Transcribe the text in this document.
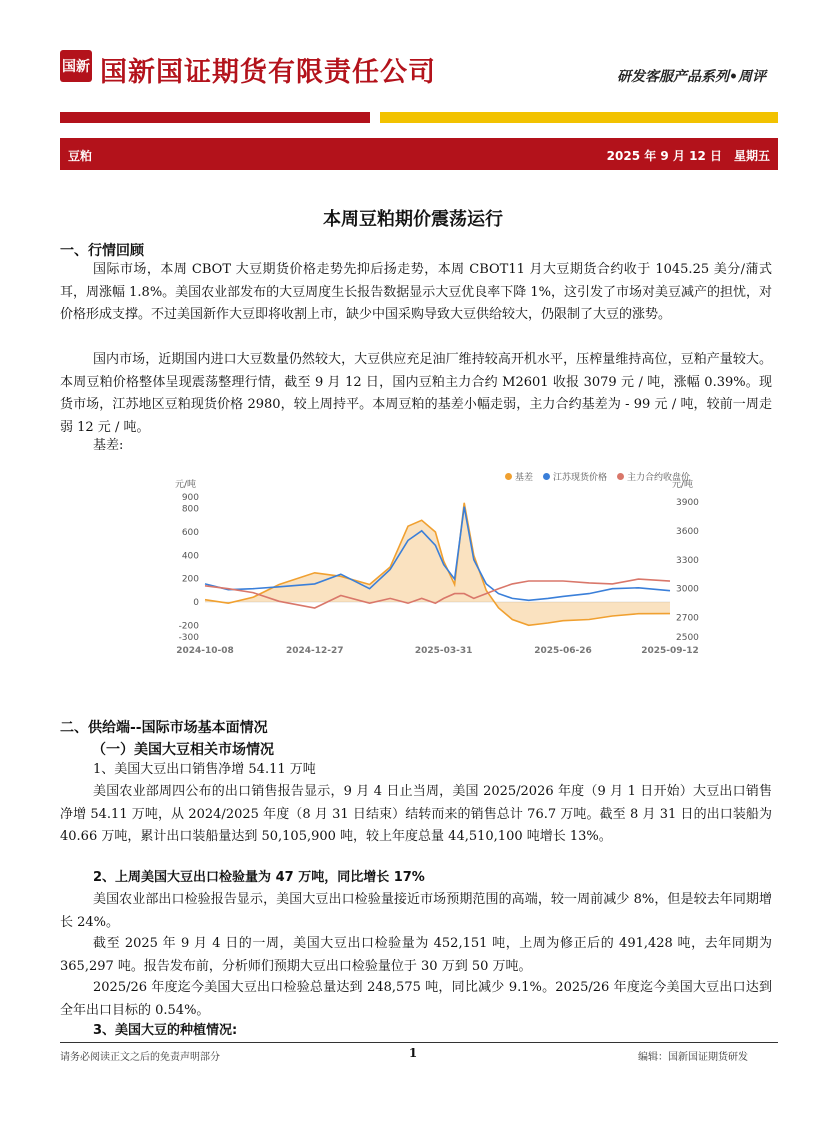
国新 国新国证期货有限责任公司	研发客服产品系列•周评
豆粕	2025 年 9 月 12 日　星期五
本周豆粕期价震荡运行
一、行情回顾

国际市场，本周 CBOT 大豆期货价格走势先抑后扬走势，本周 CBOT11 月大豆期货合约收于 1045.25 美分/蒲式耳，周涨幅 1.8%。美国农业部发布的大豆周度生长报告数据显示大豆优良率下降 1%，这引发了市场对美豆减产的担忧，对价格形成支撑。不过美国新作大豆即将收割上市，缺少中国采购导致大豆供给较大，仍限制了大豆的涨势。

国内市场，近期国内进口大豆数量仍然较大，大豆供应充足油厂维持较高开机水平，压榨量维持高位，豆粕产量较大。本周豆粕价格整体呈现震荡整理行情，截至 9 月 12 日，国内豆粕主力合约 M2601 收报 3079 元 / 吨，涨幅 0.39%。现货市场，江苏地区豆粕现货价格 2980，较上周持平。本周豆粕的基差小幅走弱，主力合约基差为 - 99 元 / 吨，较前一周走弱 12 元 / 吨。

基差:

基差 江苏现货价格 主力合约收盘价
元/吨	元/吨
900
800
600
400
200
0
-200
-300
3900
3600
3300
3000
2700
2500
2024-10-08	2024-12-27	2025-03-31	2025-06-26	2025-09-12
二、供给端--国际市场基本面情况
（一）美国大豆相关市场情况

1、美国大豆出口销售净增 54.11 万吨

美国农业部周四公布的出口销售报告显示，9 月 4 日止当周，美国 2025/2026 年度（9 月 1 日开始）大豆出口销售净增 54.11 万吨，从 2024/2025 年度（8 月 31 日结束）结转而来的销售总计 76.7 万吨。截至 8 月 31 日的出口装船为 40.66 万吨，累计出口装船量达到 50,105,900 吨，较上年度总量 44,510,100 吨增长 13%。

2、上周美国大豆出口检验量为 47 万吨，同比增长 17%

美国农业部出口检验报告显示，美国大豆出口检验量接近市场预期范围的高端，较一周前减少 8%，但是较去年同期增长 24%。

截至 2025 年 9 月 4 日的一周，美国大豆出口检验量为 452,151 吨，上周为修正后的 491,428 吨，去年同期为 365,297 吨。报告发布前，分析师们预期大豆出口检验量位于 30 万到 50 万吨。

2025/26 年度迄今美国大豆出口检验总量达到 248,575 吨，同比减少 9.1%。2025/26 年度迄今美国大豆出口达到全年出口目标的 0.54%。

3、美国大豆的种植情况:

请务必阅读正文之后的免责声明部分	1	编辑：国新国证期货研发
